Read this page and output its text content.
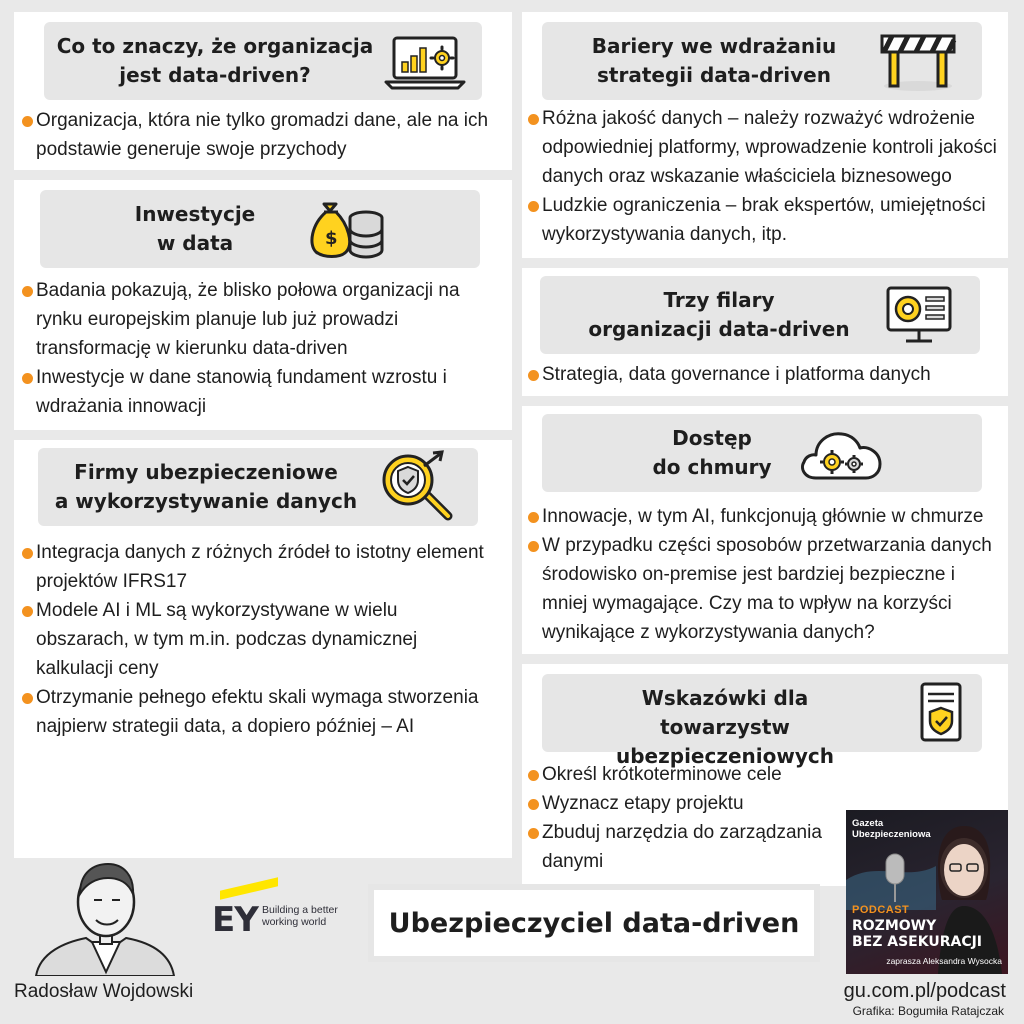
Co to znaczy, że organizacja
jest data-driven?
Organizacja, która nie tylko gromadzi dane, ale na ich podstawie generuje swoje przychody
Inwestycje
w data	$
Badania pokazują, że blisko połowa organizacji na rynku europejskim planuje lub już prowadzi transformację w kierunku data-driven
Inwestycje w dane stanowią fundament wzrostu i wdrażania innowacji
Firmy ubezpieczeniowe
a wykorzystywanie danych
Integracja danych z różnych źródeł to istotny element projektów IFRS17
Modele AI i ML są wykorzystywane w wielu obszarach, w tym m.in. podczas dynamicznej kalkulacji ceny
Otrzymanie pełnego efektu skali wymaga stworzenia najpierw strategii data, a dopiero później – AI
Bariery we wdrażaniu
strategii data-driven
Różna jakość danych – należy rozważyć wdrożenie odpowiedniej platformy, wprowadzenie kontroli jakości danych oraz wskazanie właściciela biznesowego
Ludzkie ograniczenia – brak ekspertów, umiejętności wykorzystywania danych, itp.
Trzy filary
organizacji data-driven
Strategia, data governance i platforma danych
Dostęp
do chmury
Innowacje, w tym AI, funkcjonują głównie w chmurze
W przypadku części sposobów przetwarzania danych środowisko on-premise jest bardziej bezpieczne i mniej wymagające. Czy ma to wpływ na korzyści wynikające z wykorzystywania danych?
Wskazówki dla
towarzystw ubezpieczeniowych
Określ krótkoterminowe cele
Wyznacz etapy projektu
Zbuduj narzędzia do zarządzania danymi
EY Building a better
working world	Ubezpieczyciel data-driven
Gazeta
Ubezpieczeniowa
PODCAST
ROZMOWY
BEZ ASEKURACJI
zaprasza Aleksandra Wysocka
Radosław Wojdowski	gu.com.pl/podcast
Grafika: Bogumiła Ratajczak
